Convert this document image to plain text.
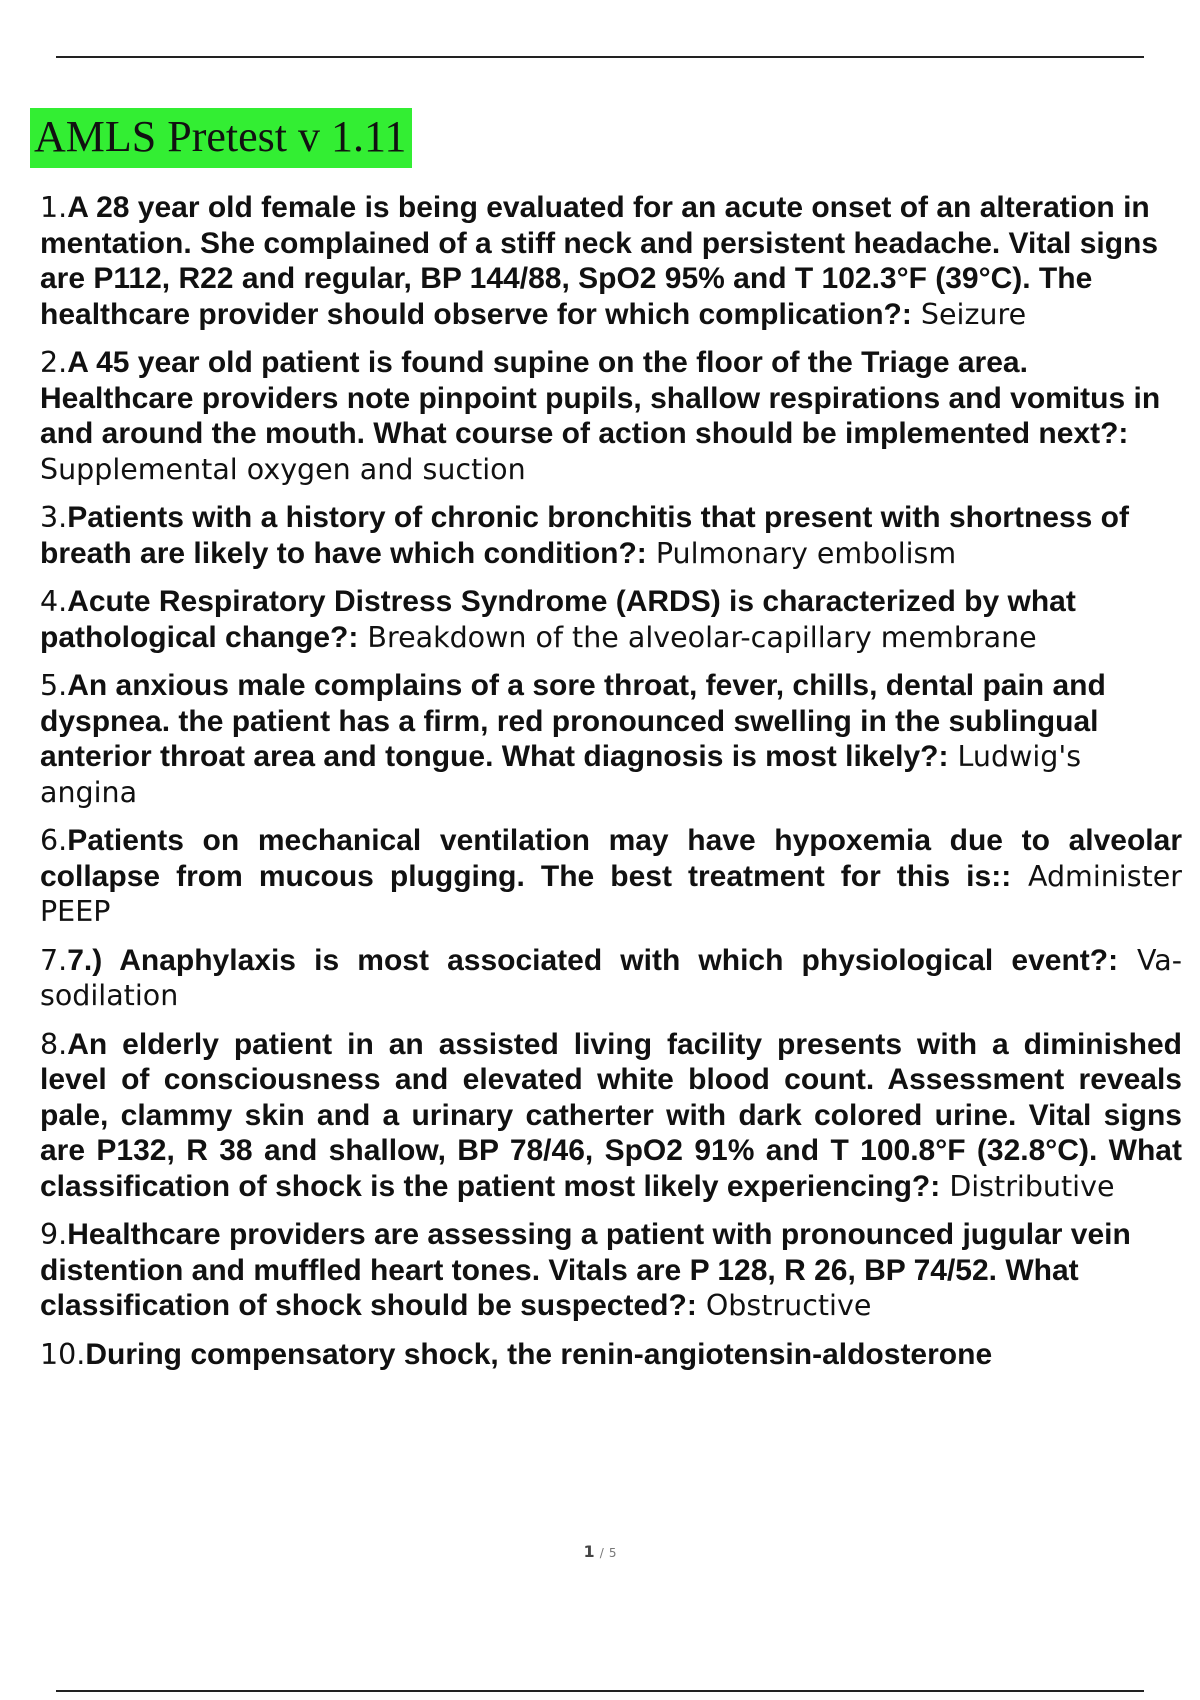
AMLS Pretest v 1.11

1.A 28 year old female is being evaluated for an acute onset of an alteration in mentation. She complained of a stiff neck and persistent headache. Vital signs are P112, R22 and regular, BP 144/88, SpO2 95% and T 102.3°F (39°C). The healthcare provider should observe for which complication?: Seizure

2.A 45 year old patient is found supine on the floor of the Triage area. Healthcare providers note pinpoint pupils, shallow respirations and vomitus in and around the mouth. What course of action should be implemented next?: Supplemental oxygen and suction

3.Patients with a history of chronic bronchitis that present with shortness of breath are likely to have which condition?: Pulmonary embolism

4.Acute Respiratory Distress Syndrome (ARDS) is characterized by what pathological change?: Breakdown of the alveolar-capillary membrane

5.An anxious male complains of a sore throat, fever, chills, dental pain and dyspnea. the patient has a firm, red pronounced swelling in the sublingual anterior throat area and tongue. What diagnosis is most likely?: Ludwig's angina

6.Patients on mechanical ventilation may have hypoxemia due to alveolar collapse from mucous plugging. The best treatment for this is:: Administer PEEP

7.7.) Anaphylaxis is most associated with which physiological event?: Va- sodilation

8.An elderly patient in an assisted living facility presents with a diminished level of consciousness and elevated white blood count. Assessment reveals pale, clammy skin and a urinary catherter with dark colored urine. Vital signs are P132, R 38 and shallow, BP 78/46, SpO2 91% and T 100.8°F (32.8°C). What classification of shock is the patient most likely experiencing?: Distributive

9.Healthcare providers are assessing a patient with pronounced jugular vein distention and muffled heart tones. Vitals are P 128, R 26, BP 74/52. What classification of shock should be suspected?: Obstructive

10.During compensatory shock, the renin-angiotensin-aldosterone

1 / 5
